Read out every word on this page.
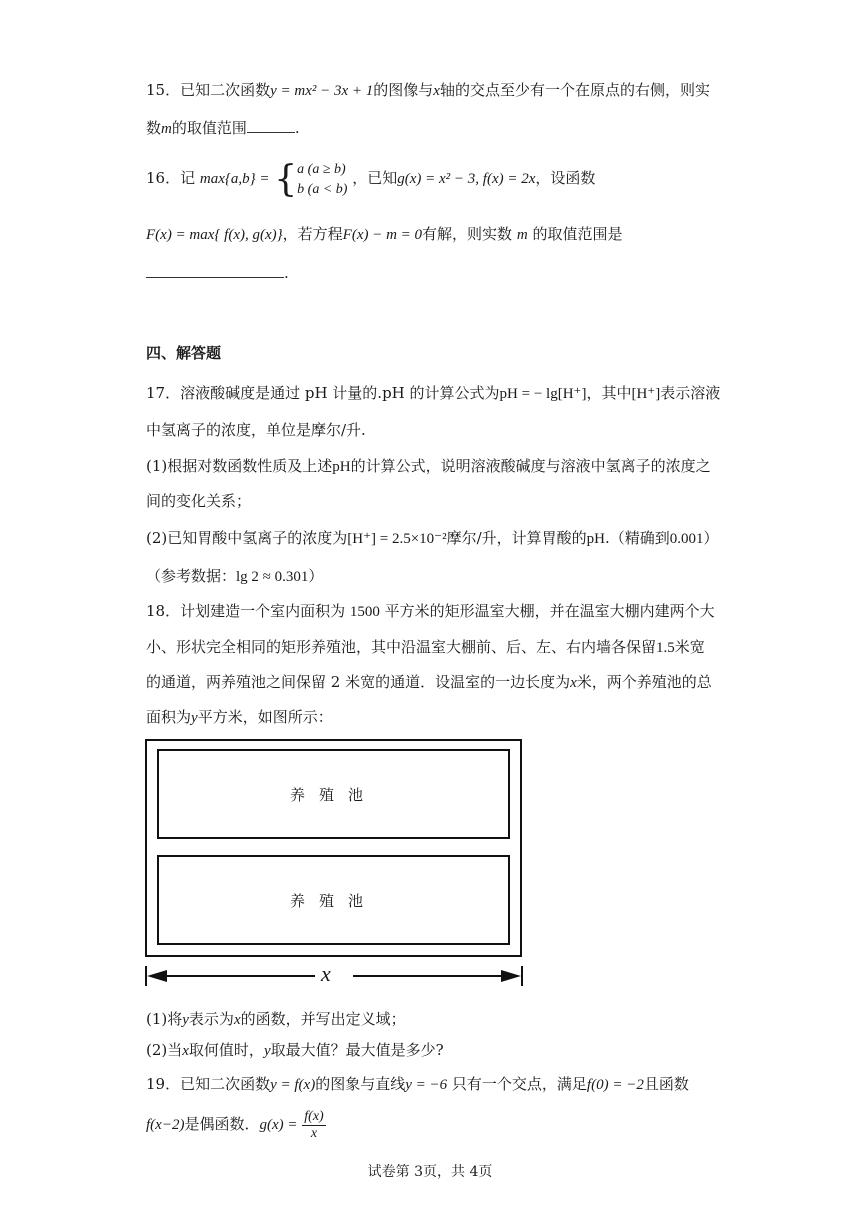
15．已知二次函数y = mx² − 3x + 1的图像与x轴的交点至少有一个在原点的右侧，则实
数m的取值范围	.
16．记 max{a,b} = { a (a ≥ b)
b (a < b)
，已知g(x) = x² − 3, f(x) = 2x，设函数
F(x) = max{ f(x), g(x)}，若方程F(x) − m = 0有解，则实数 m 的取值范围是
.
四、解答题
17．溶液酸碱度是通过 pH 计量的.pH 的计算公式为pH = − lg[H⁺]，其中[H⁺]表示溶液
中氢离子的浓度，单位是摩尔/升.
(1)根据对数函数性质及上述pH的计算公式，说明溶液酸碱度与溶液中氢离子的浓度之
间的变化关系；
(2)已知胃酸中氢离子的浓度为[H⁺] = 2.5×10⁻²摩尔/升，计算胃酸的pH.（精确到0.001）
（参考数据：lg 2 ≈ 0.301）
18．计划建造一个室内面积为 1500 平方米的矩形温室大棚，并在温室大棚内建两个大
小、形状完全相同的矩形养殖池，其中沿温室大棚前、后、左、右内墙各保留1.5米宽
的通道，两养殖池之间保留 2 米宽的通道．设温室的一边长度为x米，两个养殖池的总
面积为y平方米，如图所示：
养殖池
养殖池
x
(1)将y表示为x的函数，并写出定义域；
(2)当x取何值时，y取最大值？最大值是多少?
19．已知二次函数y = f(x)的图象与直线y = −6 只有一个交点，满足f(0) = −2且函数
f(x−2)是偶函数．$g(x) = \frac{f(x)}{x}$
试卷第 3页，共 4页
